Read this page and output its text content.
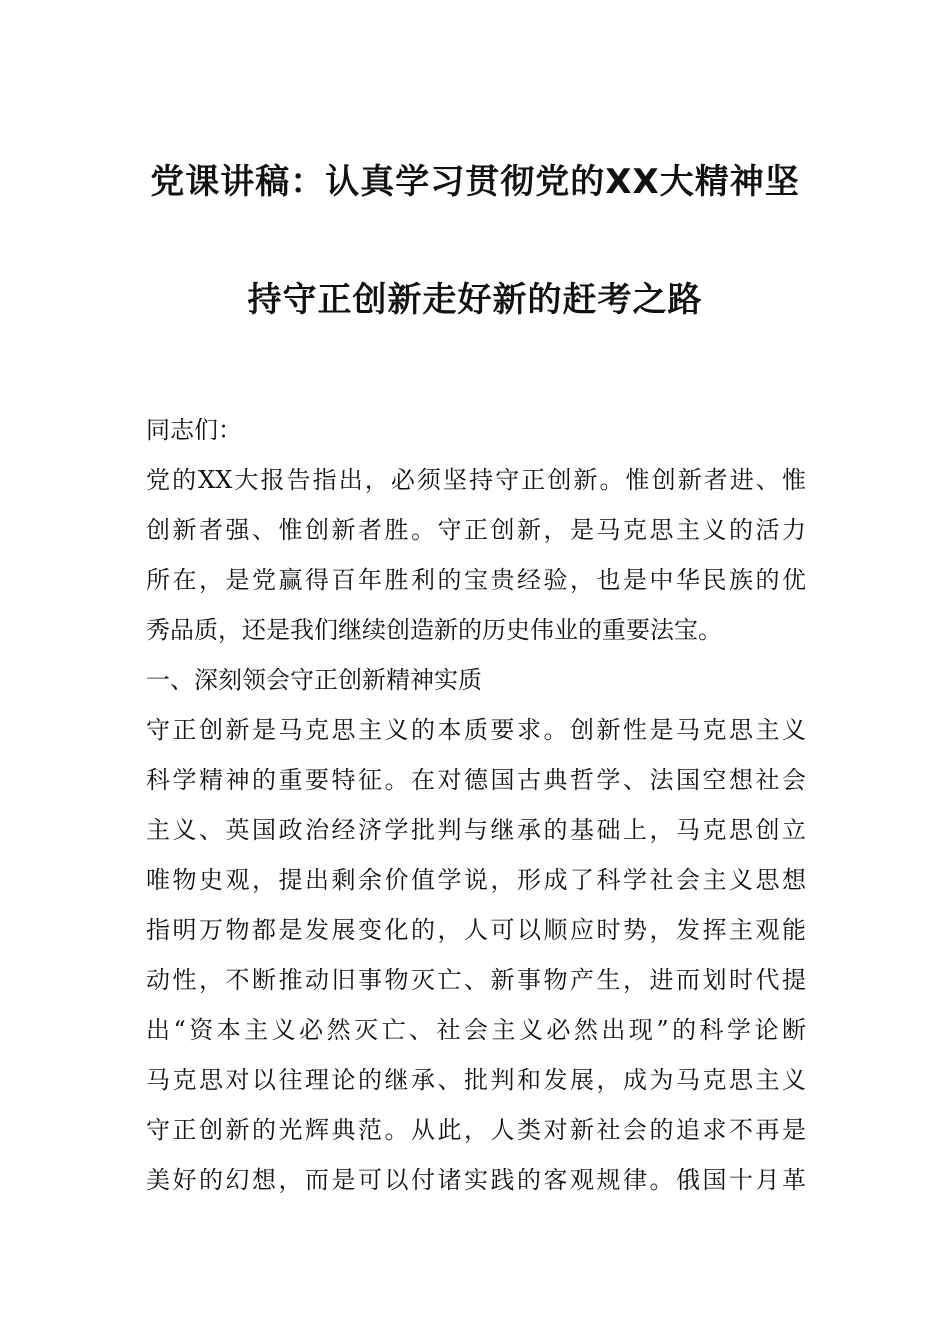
党课讲稿：认真学习贯彻党的XX大精神坚
持守正创新走好新的赶考之路
同志们：
党的XX大报告指出，必须坚持守正创新。惟创新者进、惟
创新者强、惟创新者胜。守正创新，是马克思主义的活力
所在，是党赢得百年胜利的宝贵经验，也是中华民族的优
秀品质，还是我们继续创造新的历史伟业的重要法宝。
一、深刻领会守正创新精神实质
守正创新是马克思主义的本质要求。创新性是马克思主义
科学精神的重要特征。在对德国古典哲学、法国空想社会
主义、英国政治经济学批判与继承的基础上，马克思创立
唯物史观，提出剩余价值学说，形成了科学社会主义思想
指明万物都是发展变化的，人可以顺应时势，发挥主观能
动性，不断推动旧事物灭亡、新事物产生，进而划时代提
出“资本主义必然灭亡、社会主义必然出现”的科学论断
马克思对以往理论的继承、批判和发展，成为马克思主义
守正创新的光辉典范。从此，人类对新社会的追求不再是
美好的幻想，而是可以付诸实践的客观规律。俄国十月革
